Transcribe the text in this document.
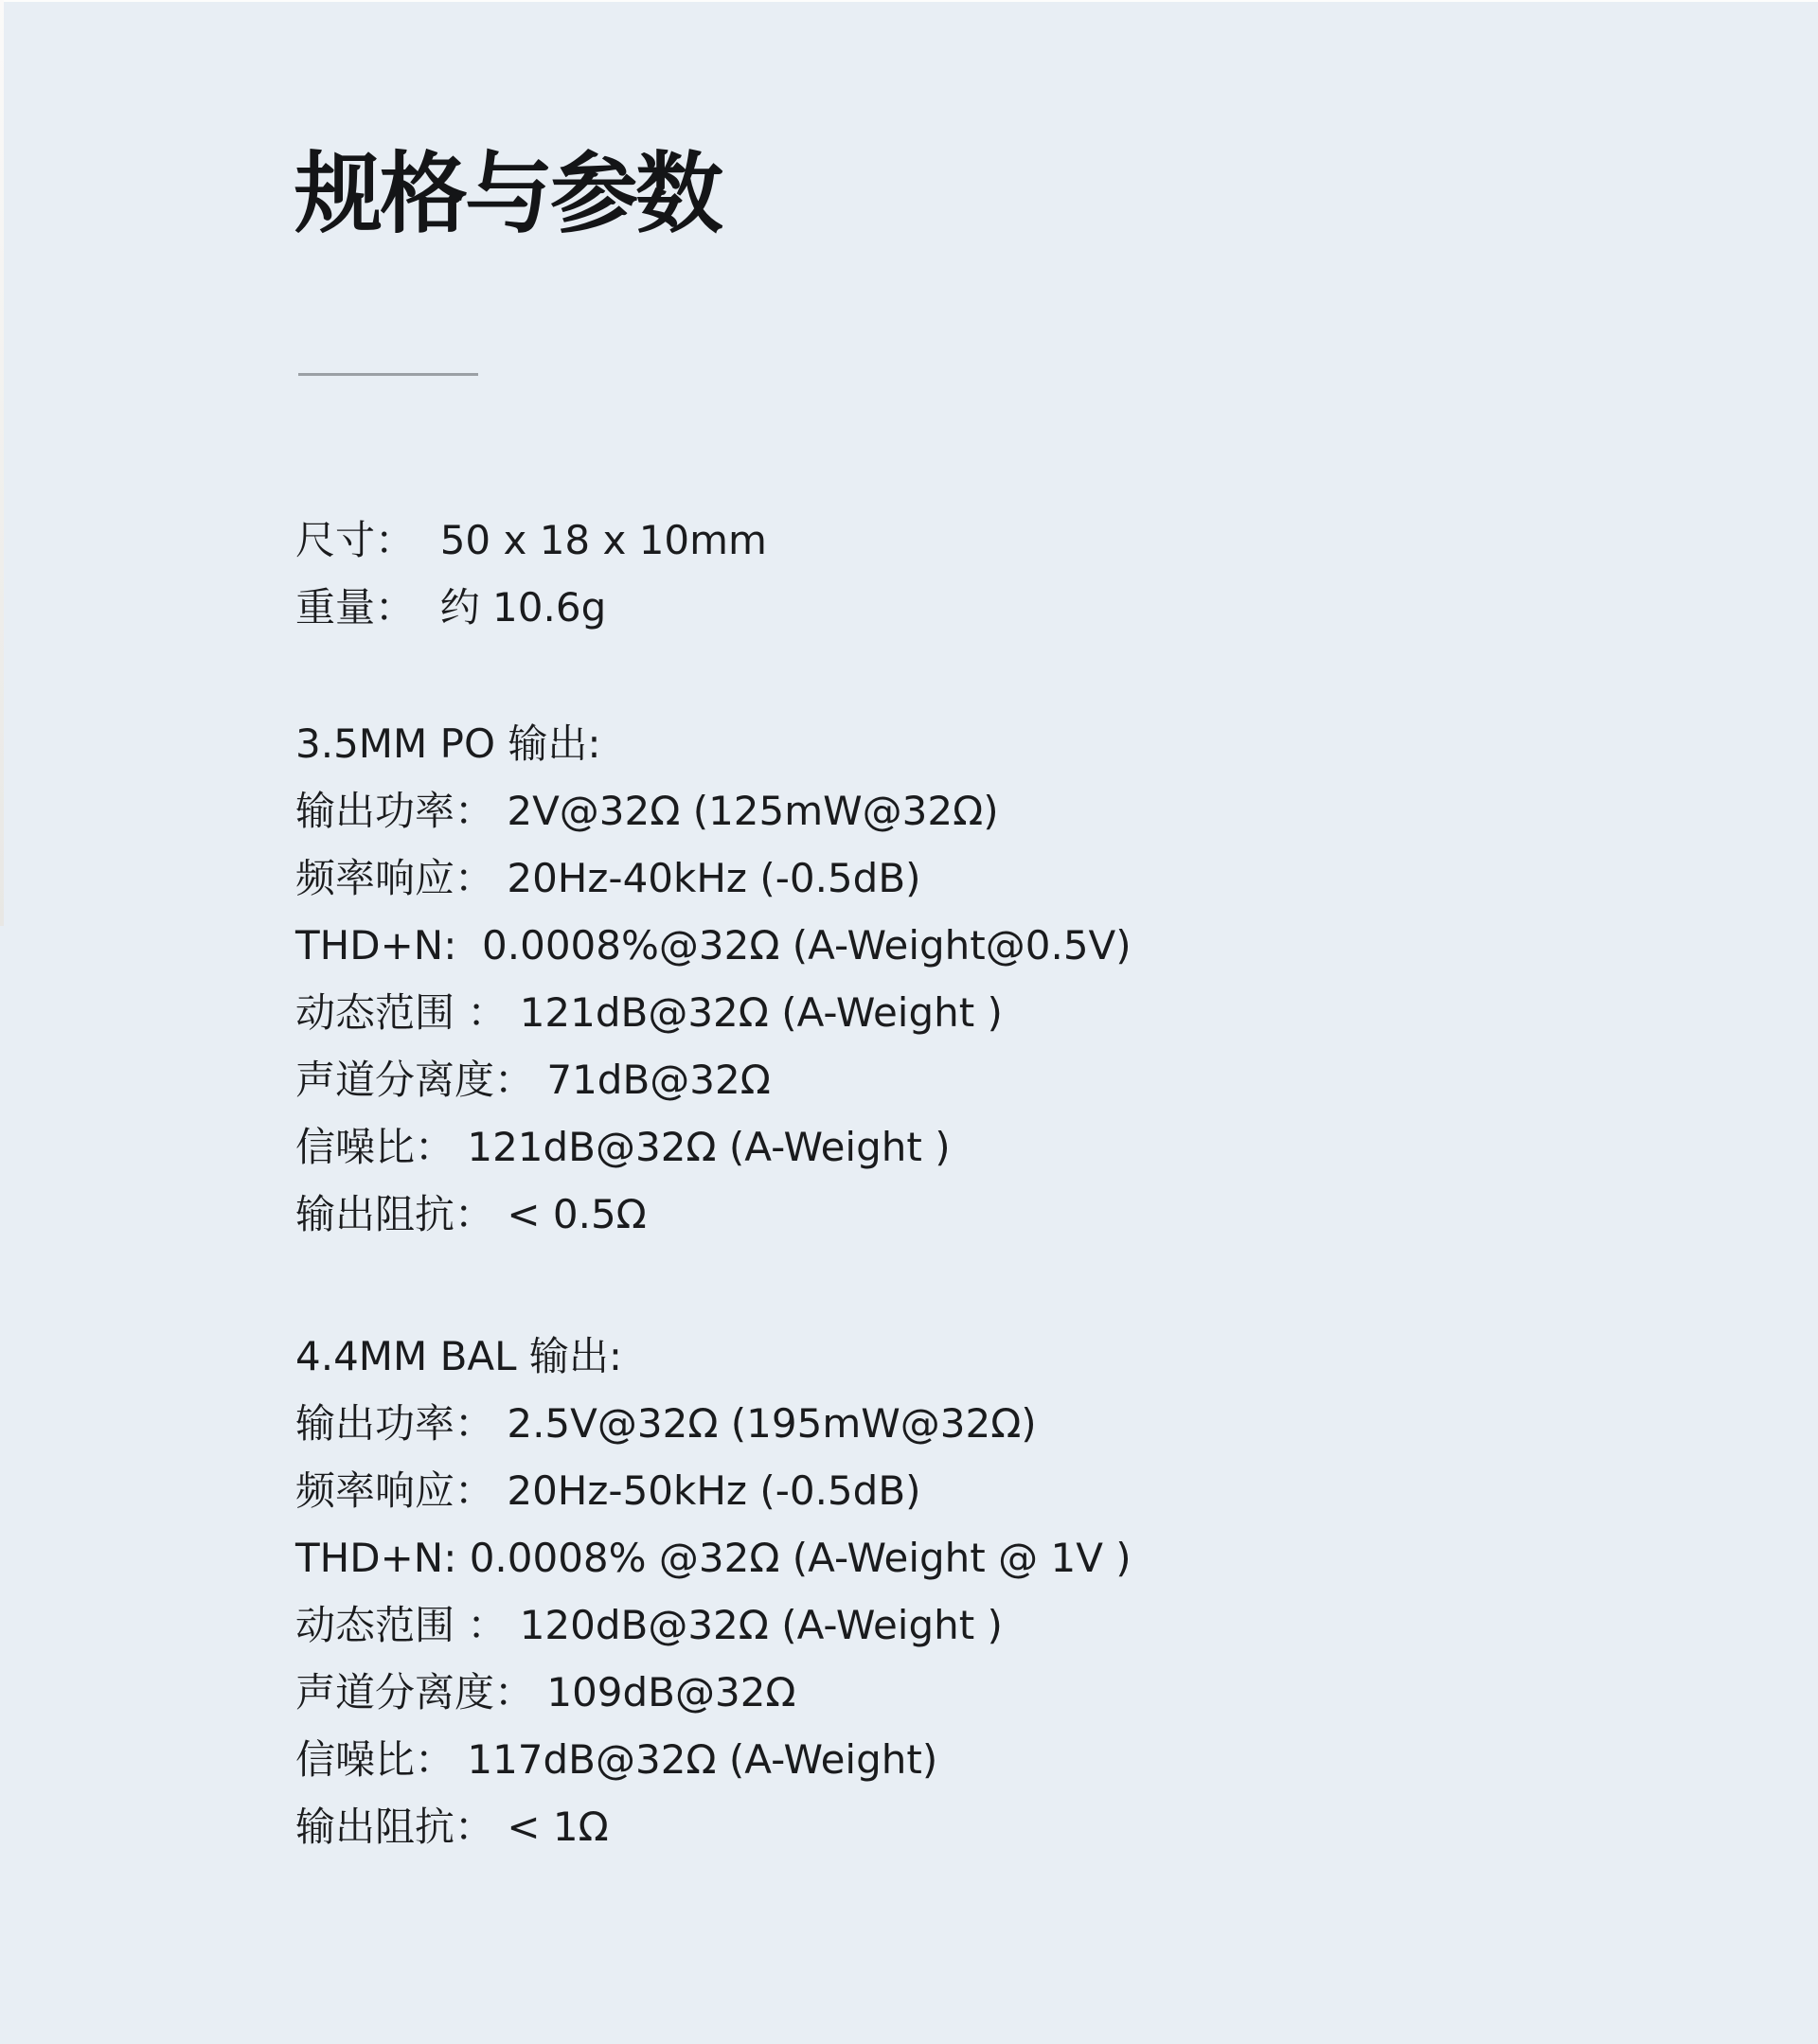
规格与参数
尺寸：  50 x 18 x 10mm
重量：  约 10.6g
3.5MM PO 输出:
输出功率： 2V@32Ω (125mW@32Ω)
频率响应： 20Hz-40kHz (-0.5dB)
THD+N:  0.0008%@32Ω (A-Weight@0.5V)
动态范围 ： 121dB@32Ω (A-Weight )
声道分离度： 71dB@32Ω
信噪比： 121dB@32Ω (A-Weight )
输出阻抗： < 0.5Ω
4.4MM BAL 输出:
输出功率： 2.5V@32Ω (195mW@32Ω)
频率响应： 20Hz-50kHz (-0.5dB)
THD+N: 0.0008% @32Ω (A-Weight @ 1V )
动态范围 ： 120dB@32Ω (A-Weight )
声道分离度： 109dB@32Ω
信噪比： 117dB@32Ω (A-Weight)
输出阻抗： < 1Ω
